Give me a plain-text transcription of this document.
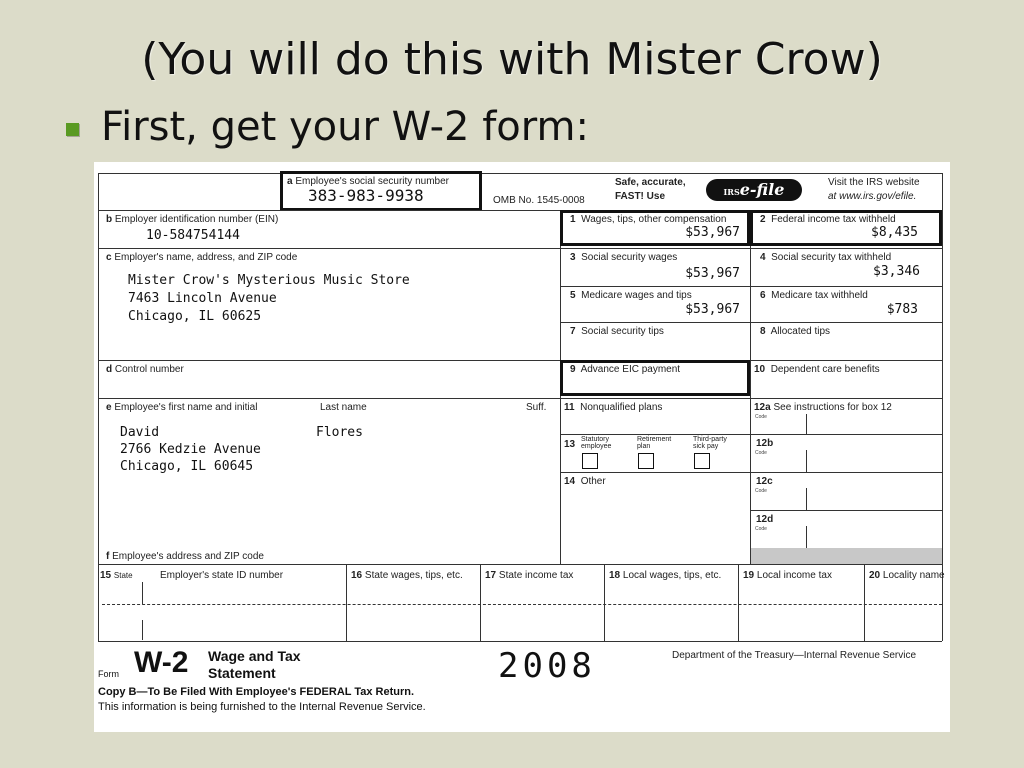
(You will do this with Mister Crow)
First, get your W-2 form:
a Employee's social security number
383-983-9938	OMB No. 1545-0008
Safe, accurate,
FAST! Use	IRSe-file	Visit the IRS website
at www.irs.gov/efile.
b Employer identification number (EIN)
10-584754144
1 Wages, tips, other compensation
$53,967
2 Federal income tax withheld
$8,435
c Employer's name, address, and ZIP code
Mister Crow's Mysterious Music Store
7463 Lincoln Avenue
Chicago, IL 60625
3 Social security wages
$53,967
4 Social security tax withheld
$3,346
5 Medicare wages and tips
$53,967
6 Medicare tax withheld
$783
7 Social security tips	8 Allocated tips
d Control number	9 Advance EIC payment	10 Dependent care benefits
e Employee's first name and initial	Last name	Suff.
David	Flores
2766 Kedzie Avenue
Chicago, IL 60645
11 Nonqualified plans
13 Statutory employee
Retirement plan
Third-party sick pay
14 Other
12a See instructions for box 12
Code
12b
Code
12c
Code
12d
Code
f Employee's address and ZIP code
15 State	Employer's state ID number	16 State wages, tips, etc. 17 State income tax	18 Local wages, tips, etc. 19 Local income tax	20 Locality name
Form W-2 Wage and Tax
Statement	2008	Department of the Treasury—Internal Revenue Service
Copy B—To Be Filed With Employee's FEDERAL Tax Return.
This information is being furnished to the Internal Revenue Service.
